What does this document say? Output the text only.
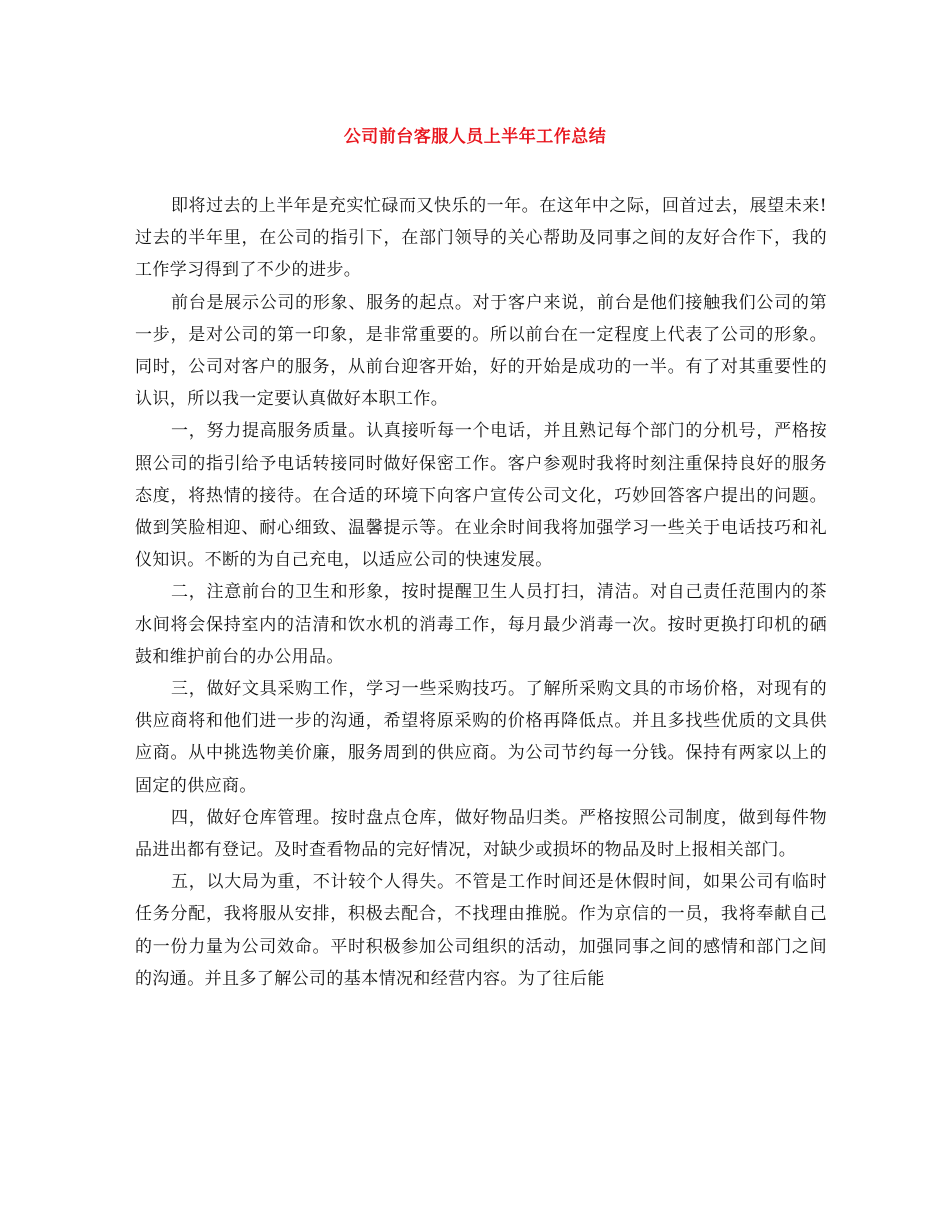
公司前台客服人员上半年工作总结

即将过去的上半年是充实忙碌而又快乐的一年。在这年中之际，回首过去，展望未来!过去的半年里，在公司的指引下，在部门领导的关心帮助及同事之间的友好合作下，我的工作学习得到了不少的进步。

前台是展示公司的形象、服务的起点。对于客户来说，前台是他们接触我们公司的第一步，是对公司的第一印象，是非常重要的。所以前台在一定程度上代表了公司的形象。同时，公司对客户的服务，从前台迎客开始，好的开始是成功的一半。有了对其重要性的认识，所以我一定要认真做好本职工作。

一，努力提高服务质量。认真接听每一个电话，并且熟记每个部门的分机号，严格按照公司的指引给予电话转接同时做好保密工作。客户参观时我将时刻注重保持良好的服务态度，将热情的接待。在合适的环境下向客户宣传公司文化，巧妙回答客户提出的问题。做到笑脸相迎、耐心细致、温馨提示等。在业余时间我将加强学习一些关于电话技巧和礼仪知识。不断的为自己充电，以适应公司的快速发展。

二，注意前台的卫生和形象，按时提醒卫生人员打扫，清洁。对自己责任范围内的茶水间将会保持室内的洁清和饮水机的消毒工作，每月最少消毒一次。按时更换打印机的硒鼓和维护前台的办公用品。

三，做好文具采购工作，学习一些采购技巧。了解所采购文具的市场价格，对现有的供应商将和他们进一步的沟通，希望将原采购的价格再降低点。并且多找些优质的文具供应商。从中挑选物美价廉，服务周到的供应商。为公司节约每一分钱。保持有两家以上的固定的供应商。

四，做好仓库管理。按时盘点仓库，做好物品归类。严格按照公司制度，做到每件物品进出都有登记。及时查看物品的完好情况，对缺少或损坏的物品及时上报相关部门。

五，以大局为重，不计较个人得失。不管是工作时间还是休假时间，如果公司有临时任务分配，我将服从安排，积极去配合，不找理由推脱。作为京信的一员，我将奉献自己的一份力量为公司效命。平时积极参加公司组织的活动，加强同事之间的感情和部门之间的沟通。并且多了解公司的基本情况和经营内容。为了往后能
